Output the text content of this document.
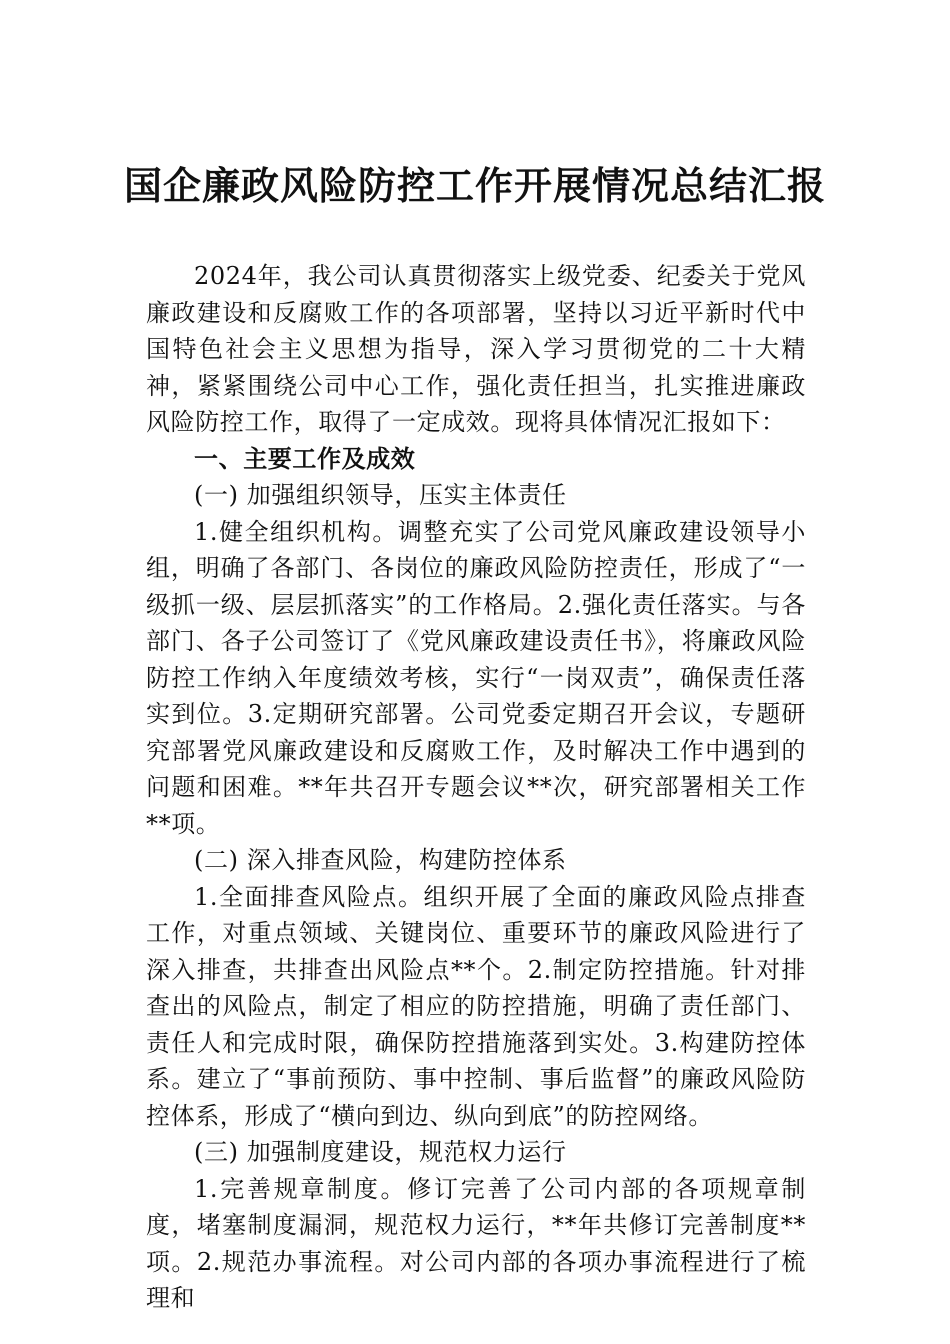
国企廉政风险防控工作开展情况总结汇报

2024年，我公司认真贯彻落实上级党委、纪委关于党风廉政建设和反腐败工作的各项部署，坚持以习近平新时代中国特色社会主义思想为指导，深入学习贯彻党的二十大精神，紧紧围绕公司中心工作，强化责任担当，扎实推进廉政风险防控工作，取得了一定成效。现将具体情况汇报如下：

一、主要工作及成效

(一) 加强组织领导，压实主体责任

1.健全组织机构。调整充实了公司党风廉政建设领导小组，明确了各部门、各岗位的廉政风险防控责任，形成了“一级抓一级、层层抓落实”的工作格局。2.强化责任落实。与各部门、各子公司签订了《党风廉政建设责任书》，将廉政风险防控工作纳入年度绩效考核，实行“一岗双责”，确保责任落实到位。3.定期研究部署。公司党委定期召开会议，专题研究部署党风廉政建设和反腐败工作，及时解决工作中遇到的问题和困难。**年共召开专题会议**次，研究部署相关工作**项。

(二) 深入排查风险，构建防控体系

1.全面排查风险点。组织开展了全面的廉政风险点排查工作，对重点领域、关键岗位、重要环节的廉政风险进行了深入排查，共排查出风险点**个。2.制定防控措施。针对排查出的风险点，制定了相应的防控措施，明确了责任部门、责任人和完成时限，确保防控措施落到实处。3.构建防控体系。建立了“事前预防、事中控制、事后监督”的廉政风险防控体系，形成了“横向到边、纵向到底”的防控网络。

(三) 加强制度建设，规范权力运行

1.完善规章制度。修订完善了公司内部的各项规章制度，堵塞制度漏洞，规范权力运行，**年共修订完善制度**项。2.规范办事流程。对公司内部的各项办事流程进行了梳理和
